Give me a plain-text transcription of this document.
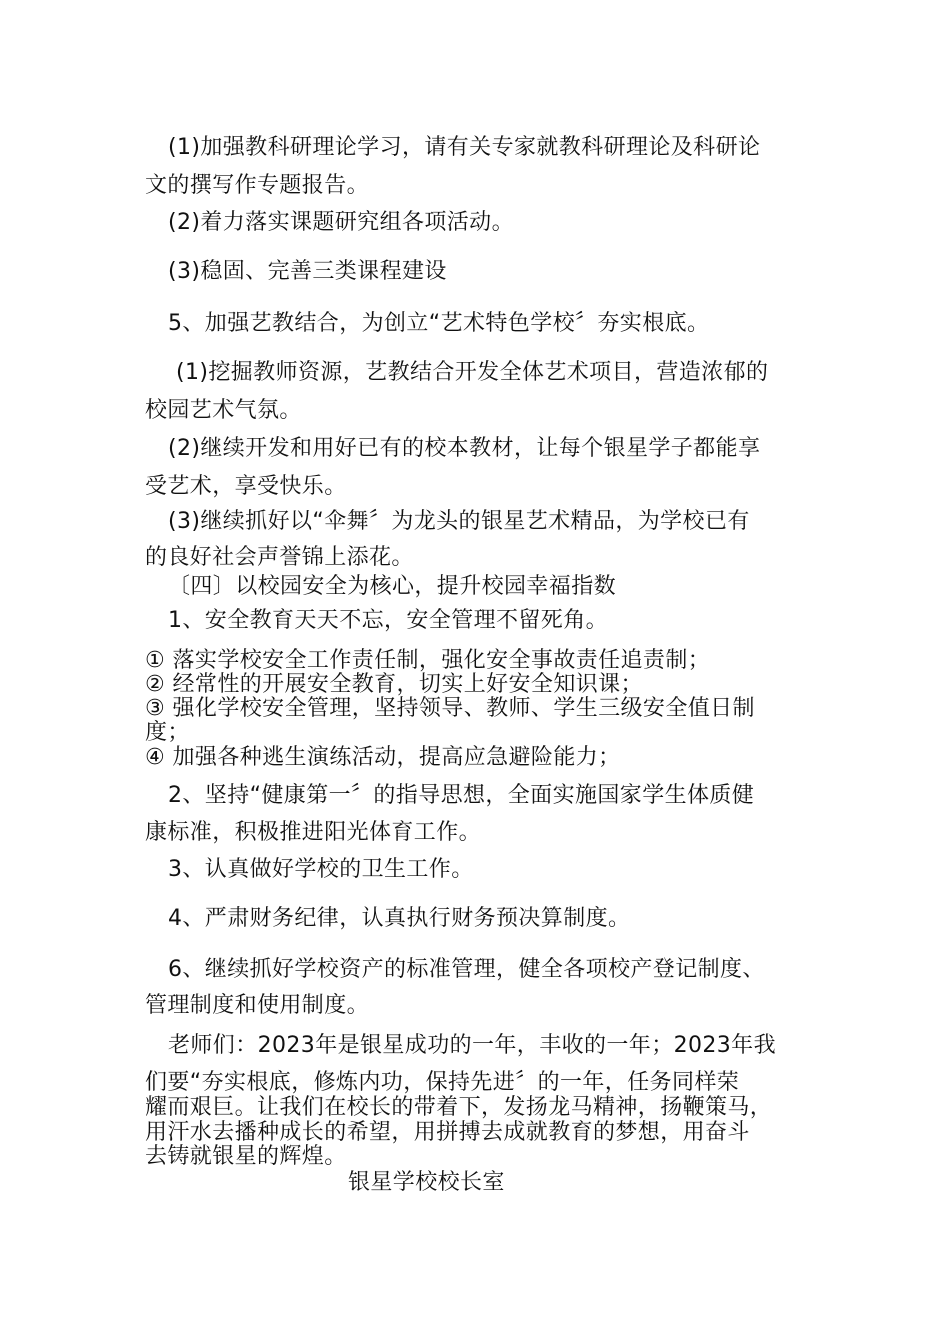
(1)加强教科研理论学习，请有关专家就教科研理论及科研论
文的撰写作专题报告。
(2)着力落实课题研究组各项活动。
(3)稳固、完善三类课程建设
5、加强艺教结合，为创立“艺术特色学校〞夯实根底。
(1)挖掘教师资源，艺教结合开发全体艺术项目，营造浓郁的
校园艺术气氛。
(2)继续开发和用好已有的校本教材，让每个银星学子都能享
受艺术，享受快乐。
(3)继续抓好以“伞舞〞为龙头的银星艺术精品，为学校已有
的良好社会声誉锦上添花。
〔四〕以校园安全为核心，提升校园幸福指数
1、安全教育天天不忘，安全管理不留死角。
① 落实学校安全工作责任制，强化安全事故责任追责制；
② 经常性的开展安全教育，切实上好安全知识课；
③ 强化学校安全管理，坚持领导、教师、学生三级安全值日制
度；
④ 加强各种逃生演练活动，提高应急避险能力；
2、坚持“健康第一〞的指导思想，全面实施国家学生体质健
康标准，积极推进阳光体育工作。
3、认真做好学校的卫生工作。
4、严肃财务纪律，认真执行财务预决算制度。
6、继续抓好学校资产的标准管理，健全各项校产登记制度、
管理制度和使用制度。
老师们：2023年是银星成功的一年，丰收的一年；2023年我
们要“夯实根底，修炼内功，保持先进〞的一年，任务同样荣
耀而艰巨。让我们在校长的带着下，发扬龙马精神，扬鞭策马，
用汗水去播种成长的希望，用拼搏去成就教育的梦想，用奋斗
去铸就银星的辉煌。
银星学校校长室
